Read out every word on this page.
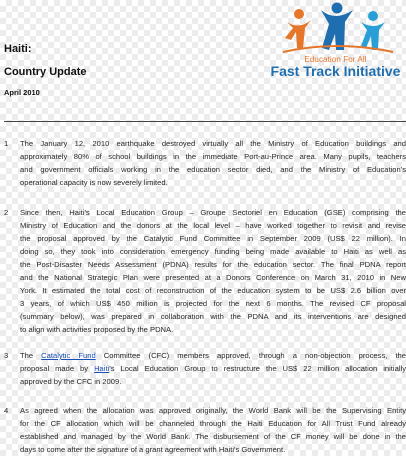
Haiti:
Country Update
April 2010
Education For All
Fast Track Initiative
1 The January 12, 2010 earthquake destroyed virtually all the Ministry of Education buildings and
approximately 80% of school buildings in the immediate Port-au-Prince area. Many pupils, teachers
and government officials working in the education sector died, and the Ministry of Education's
operational capacity is now severely limited.
2 Since then, Haiti's Local Education Group – Groupe Sectoriel en Education (GSE) comprising the
Ministry of Education and the donors at the local level – have worked together to revisit and revise
the proposal approved by the Catalytic Fund Committee in September 2009 (US$ 22 million). In
doing so, they took into consideration emergency funding being made available to Haiti as well as
the Post-Disaster Needs Assessment (PDNA) results for the education sector. The final PDNA report
and the National Strategic Plan were presented at a Donors Conference on March 31, 2010 in New
York. It estimated the total cost of reconstruction of the education system to be US$ 2.6 billion over
3 years, of which US$ 450 million is projected for the next 6 months. The revised CF proposal
(summary below), was prepared in collaboration with the PDNA and its interventions are designed
to align with activities proposed by the PDNA.
3 The Catalytic Fund Committee (CFC) members approved, through a non-objection process, the
proposal made by Haiti's Local Education Group to restructure the US$ 22 million allocation initially
approved by the CFC in 2009.
4 As agreed when the allocation was approved originally, the World Bank will be the Supervising Entity
for the CF allocation which will be channeled through the Haiti Education for All Trust Fund already
established and managed by the World Bank. The disbursement of the CF money will be done in the
days to come after the signature of a grant agreement with Haiti's Government.
